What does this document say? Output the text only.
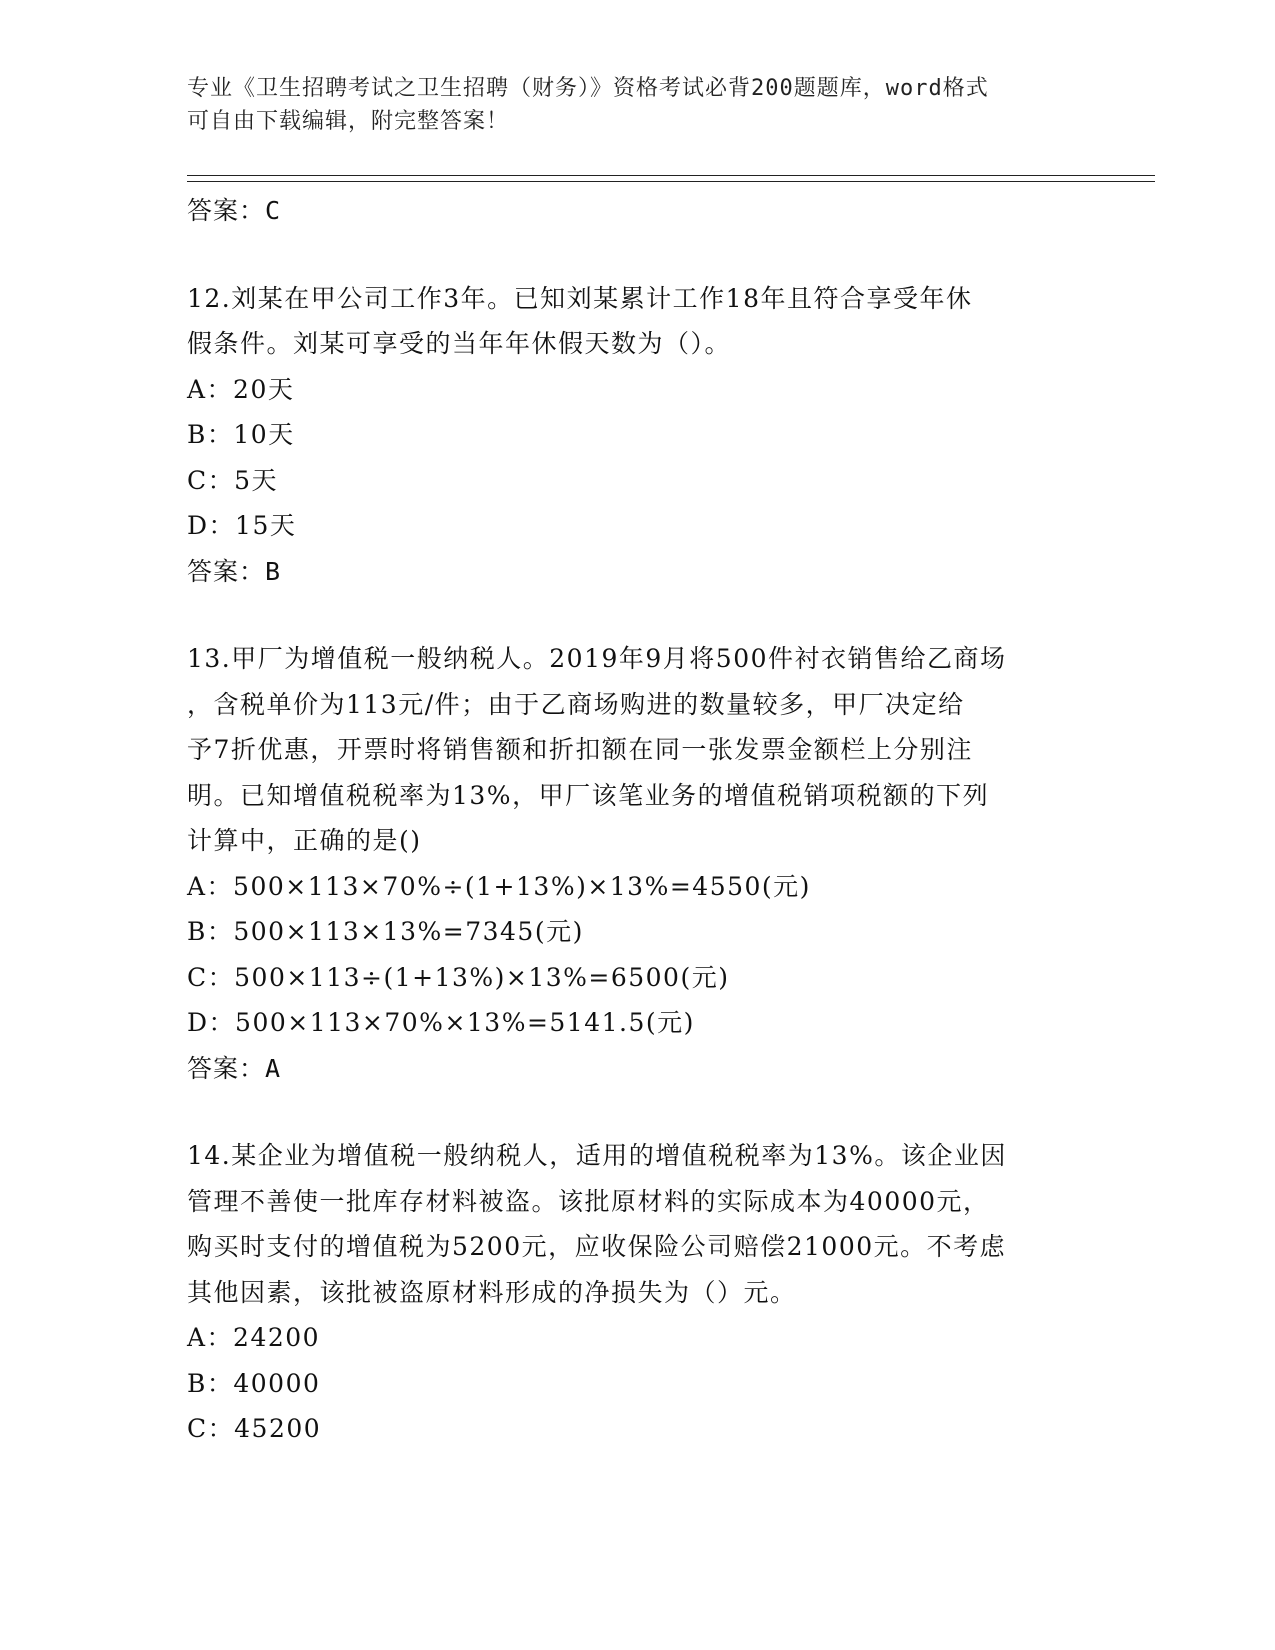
专业《卫生招聘考试之卫生招聘（财务）》资格考试必背200题题库，word格式
可自由下载编辑，附完整答案！
答案：C
12.刘某在甲公司工作3年。已知刘某累计工作18年且符合享受年休
假条件。刘某可享受的当年年休假天数为（）。
A：20天
B：10天
C：5天
D：15天
答案：B
13.甲厂为增值税一般纳税人。2019年9月将500件衬衣销售给乙商场
，含税单价为113元/件；由于乙商场购进的数量较多，甲厂决定给
予7折优惠，开票时将销售额和折扣额在同一张发票金额栏上分别注
明。已知增值税税率为13%，甲厂该笔业务的增值税销项税额的下列
计算中，正确的是()
A：500×113×70%÷(1+13%)×13%=4550(元)
B：500×113×13%=7345(元)
C：500×113÷(1+13%)×13%=6500(元)
D：500×113×70%×13%=5141.5(元)
答案：A
14.某企业为增值税一般纳税人，适用的增值税税率为13%。该企业因
管理不善使一批库存材料被盗。该批原材料的实际成本为40000元，
购买时支付的增值税为5200元，应收保险公司赔偿21000元。不考虑
其他因素，该批被盗原材料形成的净损失为（）元。
A：24200
B：40000
C：45200
